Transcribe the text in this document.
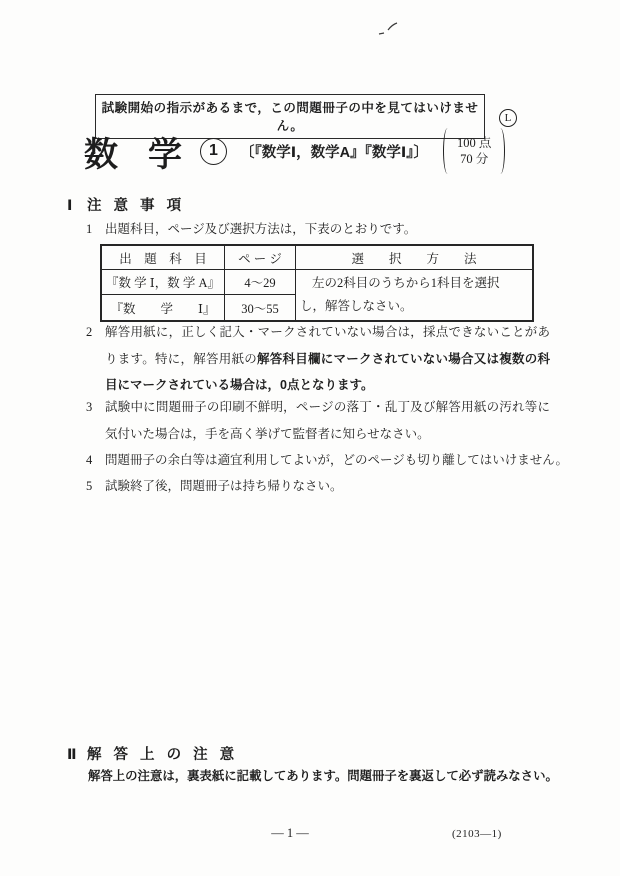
試験開始の指示があるまで，この問題冊子の中を見てはいけません。
L
数　学 1 〔『数学Ⅰ，数学A』『数学Ⅰ』〕
100 点
70 分
Ⅰ 注 意 事 項
1	出題科目，ページ及び選択方法は，下表のとおりです。
出　題　科　目	ペ ー ジ	選　　択　　方　　法
『数 学 Ⅰ，数 学 A』	4～29	左の2科目のうちから1科目を選択
し，解答しなさい。

『数　　学　　Ⅰ』	30～55	
2	解答用紙に，正しく記入・マークされていない場合は，採点できないことがあります。特に，解答用紙の解答科目欄にマークされていない場合又は複数の科目にマークされている場合は，0点となります。
3	試験中に問題冊子の印刷不鮮明，ページの落丁・乱丁及び解答用紙の汚れ等に気付いた場合は，手を高く挙げて監督者に知らせなさい。
4	問題冊子の余白等は適宜利用してよいが，どのページも切り離してはいけません。
5	試験終了後，問題冊子は持ち帰りなさい。
Ⅱ 解 答 上 の 注 意
解答上の注意は，裏表紙に記載してあります。問題冊子を裏返して必ず読みなさい。
— 1 —	(2103—1)
